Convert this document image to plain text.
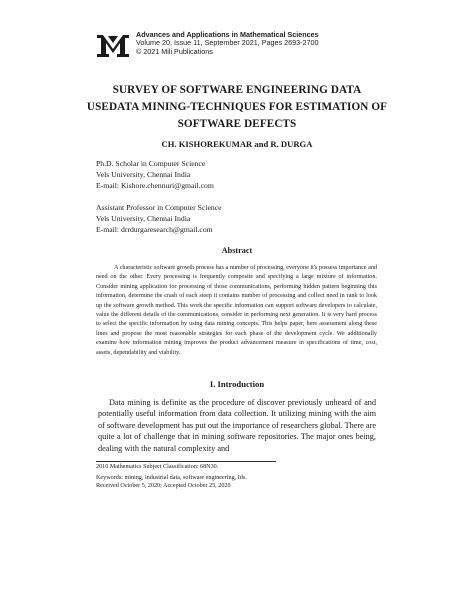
Advances and Applications in Mathematical Sciences
Volume 20, Issue 11, September 2021, Pages 2693-2700
© 2021 Mili Publications
SURVEY OF SOFTWARE ENGINEERING DATA
USEDATA MINING-TECHNIQUES FOR ESTIMATION OF
SOFTWARE DEFECTS
CH. KISHOREKUMAR and R. DURGA
Ph.D. Scholar in Computer Science
Vels University, Chennai India
E-mail: Kishore.chennuri@gmail.com
Assistant Professor in Computer Science
Vels University, Chennai India
E-mail: drrdurgaresearch@gmail.com
Abstract

A characteristic software growth process has a number of processing, everyone it's possess importance and need on the other. Every processing is frequently composite and specifying a large mixture of information. Consider mining application for processing of those communications, performing hidden pattern beginning this information, determine the crash of each steep it contains number of processing and collect need in rank to look up the software growth method. This work the specific information can support software developers to calculate, value the different details of the communications, consider in performing next generation. It is very hard process to select the specific information by using data mining concepts. This helps paper, here assessment along these lines and propose the most reasonable strategies for each phase of the development cycle. We additionally examine how information mining improves the product advancement measure in specifications of time, cost, assets, dependability and viability.

I. Introduction

Data mining is definite as the procedure of discover previously unheard of and potentially useful information from data collection. It utilizing mining with the aim of software development has put out the importance of researchers global. There are quite a lot of challenge that in mining software repositories. The major ones being, dealing with the natural complexity and

2010 Mathematics Subject Classification: 68N30.
Keywords: mining, industrial data, software engineering, Ids.
Received October 5, 2020; Accepted October 25, 2020
